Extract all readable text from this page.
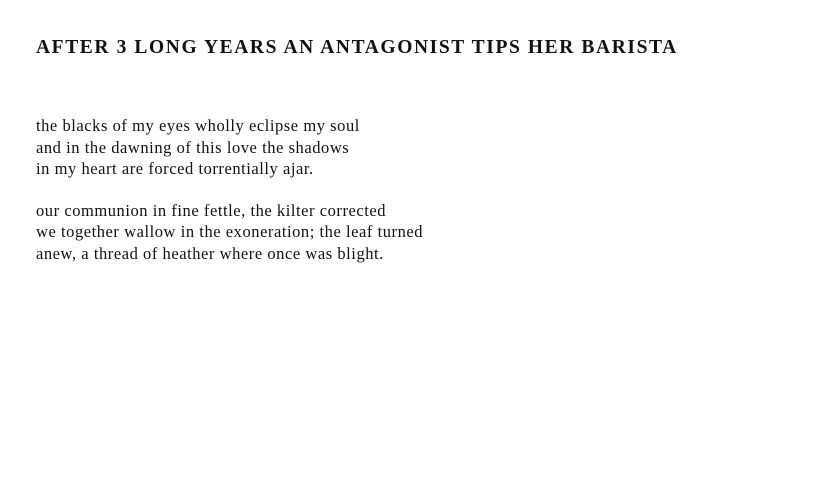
AFTER 3 LONG YEARS AN ANTAGONIST TIPS HER BARISTA
the blacks of my eyes wholly eclipse my soul
and in the dawning of this love the shadows
in my heart are forced torrentially ajar.
our communion in fine fettle, the kilter corrected
we together wallow in the exoneration; the leaf turned
anew, a thread of heather where once was blight.
